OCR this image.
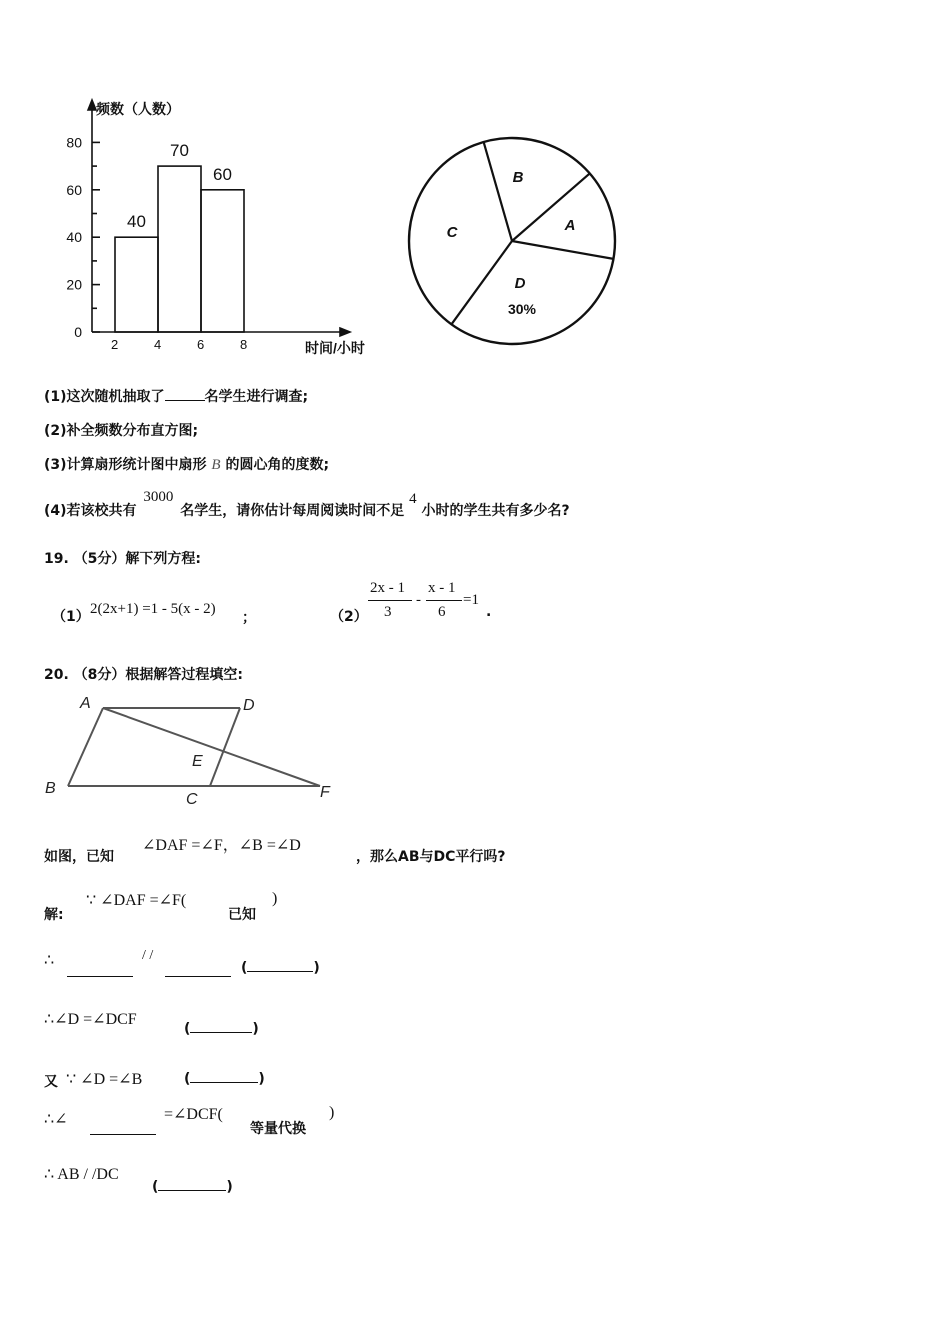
0
20
40
60
80
2	4	6	8
40
70
60
频数（人数）
时间/小时
A
B
C
D
30%
(1)这次随机抽取了	名学生进行调查;
(2)补全频数分布直方图;
(3)计算扇形统计图中扇形 B 的圆心角的度数;
(4)若该校共有 3000 名学生，请你估计每周阅读时间不足 4 小时的学生共有多少名?
19. （5分）解下列方程:
（1） 2(2x+1) =1 - 5(x - 2)
；	（2）
2x - 1
3
-
x - 1
6
=1
.
20. （8分）根据解答过程填空:
A	D
E
B
C	F
如图，已知
∠DAF =∠F，∠B =∠D
，那么AB与DC平行吗?
解:
∵ ∠DAF =∠F(
已知
)
∴	/ /
(	)
∴∠D =∠DCF
(	)
又 ∵ ∠D =∠B	(	)
∴∠	=∠DCF(
等量代换
)
∴ AB / /DC
(	)
